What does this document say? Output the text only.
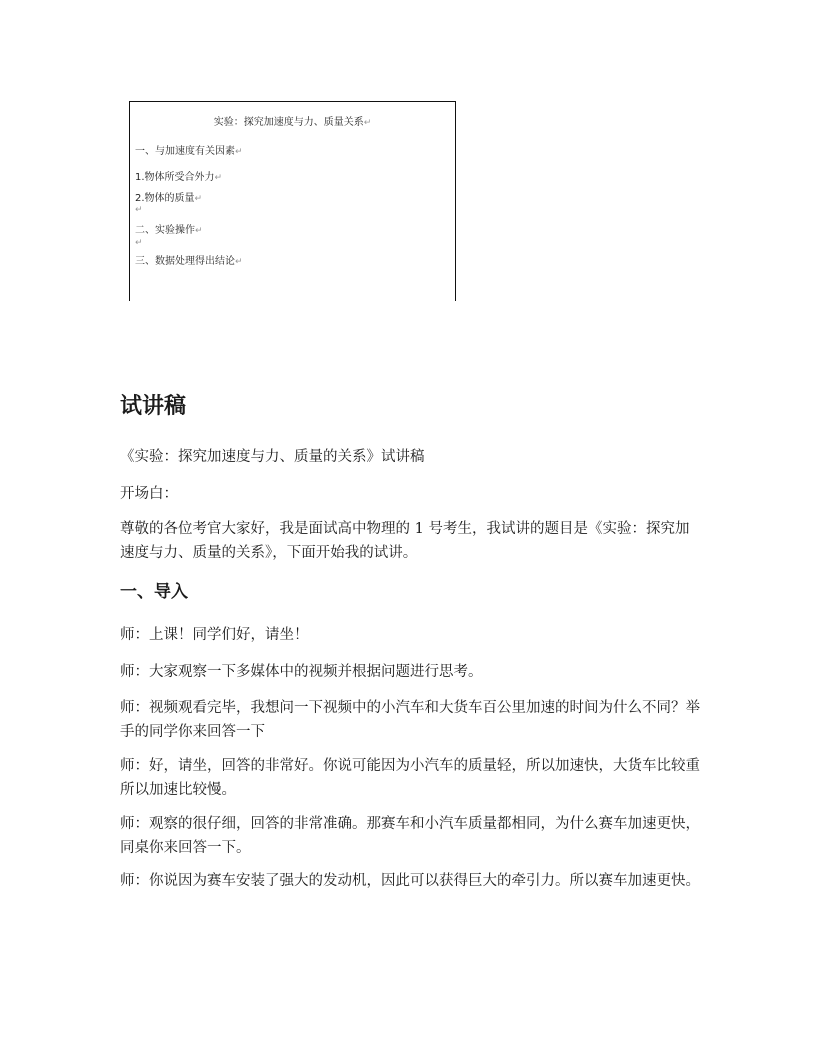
实验：探究加速度与力、质量关系↵
一、与加速度有关因素↵
1.物体所受合外力↵
2.物体的质量↵
↵
二、实验操作↵
↵
三、数据处理得出结论↵
试讲稿

《实验：探究加速度与力、质量的关系》试讲稿

开场白：

尊敬的各位考官大家好，我是面试高中物理的 1 号考生，我试讲的题目是《实验：探究加速度与力、质量的关系》，下面开始我的试讲。

一、导入

师：上课！同学们好，请坐！

师：大家观察一下多媒体中的视频并根据问题进行思考。

师：视频观看完毕，我想问一下视频中的小汽车和大货车百公里加速的时间为什么不同？举手的同学你来回答一下

师：好，请坐，回答的非常好。你说可能因为小汽车的质量轻，所以加速快，大货车比较重所以加速比较慢。

师：观察的很仔细，回答的非常准确。那赛车和小汽车质量都相同，为什么赛车加速更快，同桌你来回答一下。

师：你说因为赛车安装了强大的发动机，因此可以获得巨大的牵引力。所以赛车加速更快。
